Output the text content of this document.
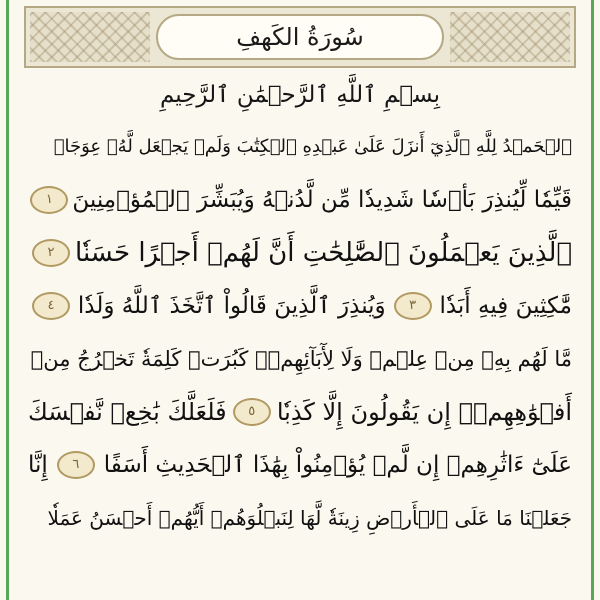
سُورَةُ الكَهفِ
بِسۡمِ ٱللَّهِ ٱلرَّحۡمَٰنِ ٱلرَّحِيمِ
ٱلۡحَمۡدُ لِلَّهِ ٱلَّذِيٓ أَنزَلَ عَلَىٰ عَبۡدِهِ ٱلۡكِتَٰبَ وَلَمۡ يَجۡعَل لَّهُۥ عِوَجَاۜ
قَيِّمٗا لِّيُنذِرَ بَأۡسٗا شَدِيدٗا مِّن لَّدُنۡهُ وَيُبَشِّرَ ٱلۡمُؤۡمِنِينَ
١
ٱلَّذِينَ يَعۡمَلُونَ ٱلصَّٰلِحَٰتِ أَنَّ لَهُمۡ أَجۡرًا حَسَنٗا
٢
مَّٰكِثِينَ فِيهِ أَبَدٗا
٣
وَيُنذِرَ ٱلَّذِينَ قَالُواْ ٱتَّخَذَ ٱللَّهُ وَلَدٗا
٤
مَّا لَهُم بِهِۦ مِنۡ عِلۡمٖ وَلَا لِأٓبَآئِهِمۡۚ كَبُرَتۡ كَلِمَةٗ تَخۡرُجُ مِنۡ
أَفۡوَٰهِهِمۡۚ إِن يَقُولُونَ إِلَّا كَذِبٗا
٥
فَلَعَلَّكَ بَٰخِعٞ نَّفۡسَكَ
عَلَىٰٓ ءَاثَٰرِهِمۡ إِن لَّمۡ يُؤۡمِنُواْ بِهَٰذَا ٱلۡحَدِيثِ أَسَفًا
٦
إِنَّا
جَعَلۡنَا مَا عَلَى ٱلۡأَرۡضِ زِينَةٗ لَّهَا لِنَبۡلُوَهُمۡ أَيُّهُمۡ أَحۡسَنُ عَمَلٗا
